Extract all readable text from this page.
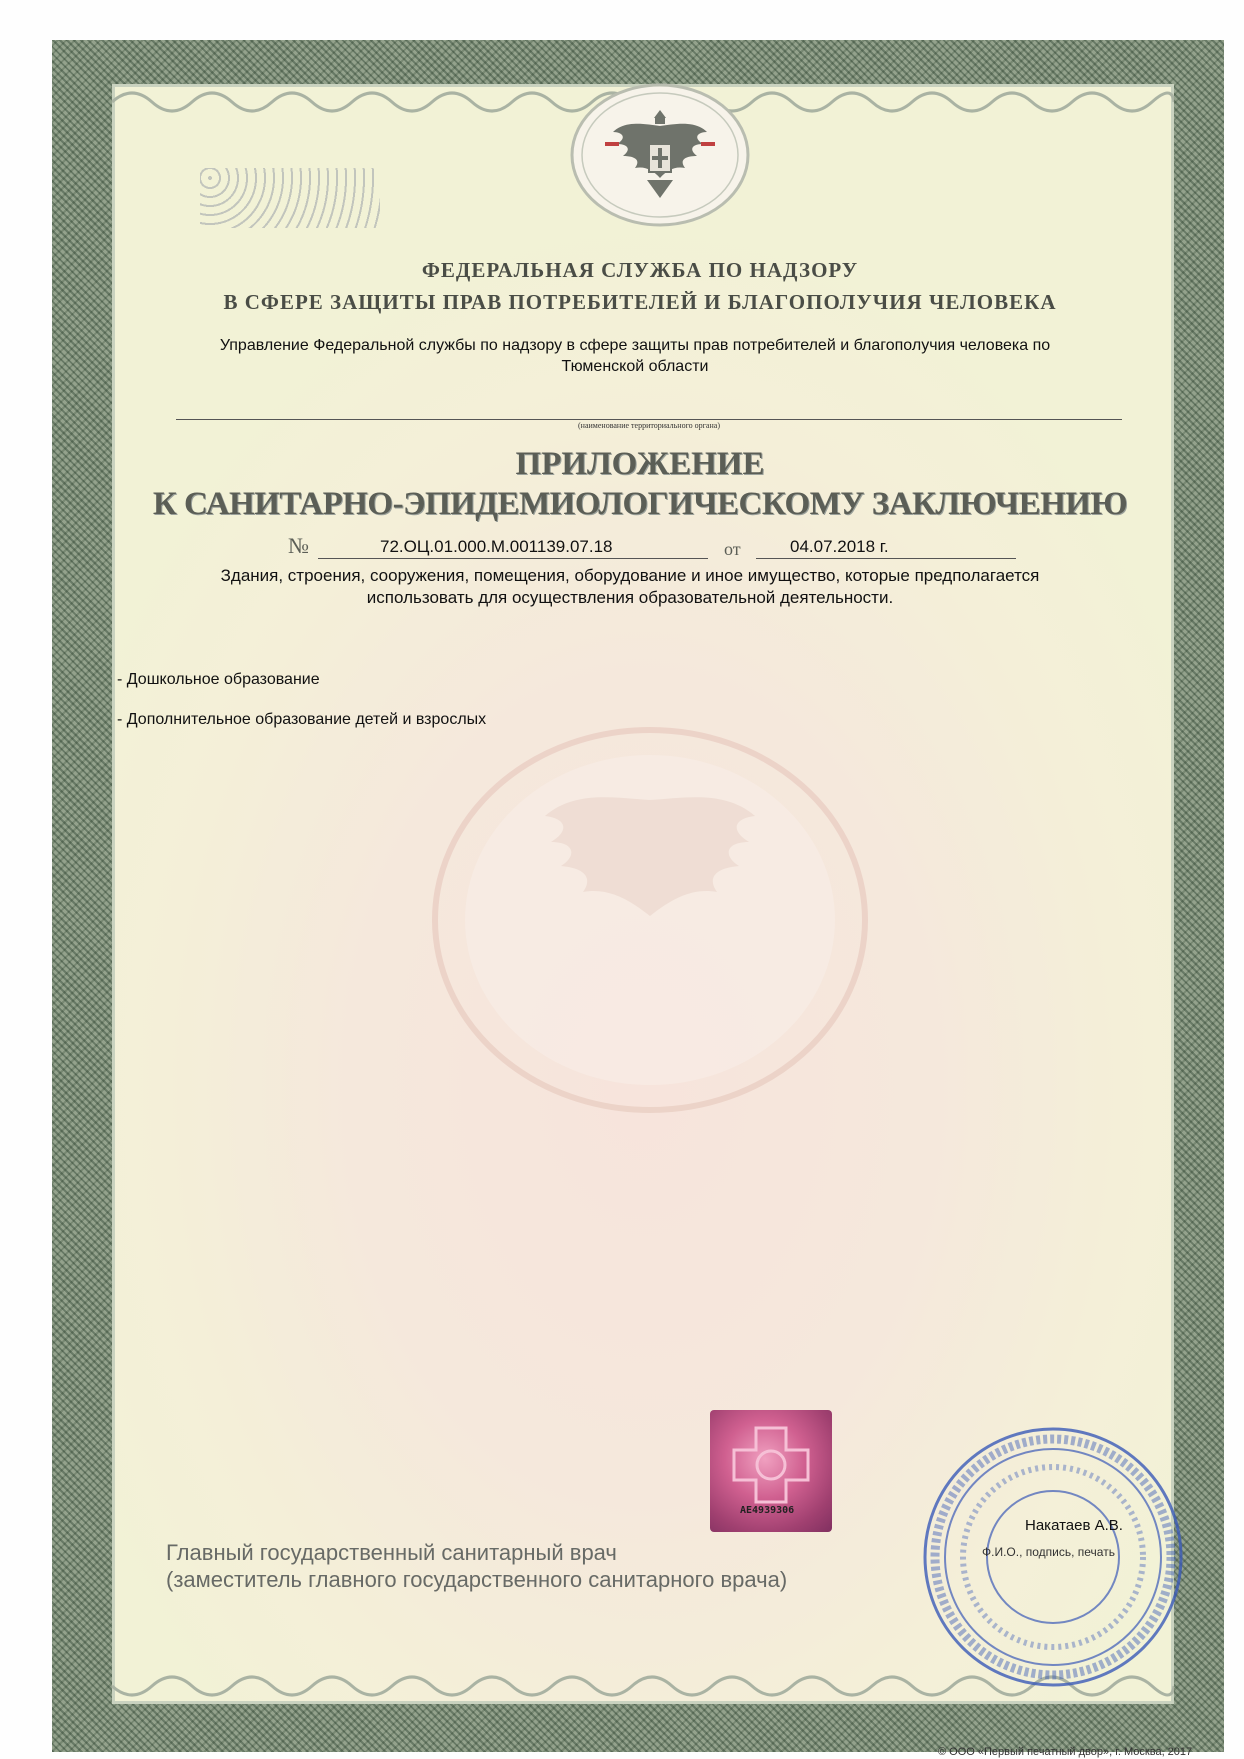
ФЕДЕРАЛЬНАЯ СЛУЖБА ПО НАДЗОРУ
В СФЕРЕ ЗАЩИТЫ ПРАВ ПОТРЕБИТЕЛЕЙ И БЛАГОПОЛУЧИЯ ЧЕЛОВЕКА
Управление Федеральной службы по надзору в сфере защиты прав потребителей и благополучия человека по
Тюменской области
(наименование территориального органа)
ПРИЛОЖЕНИЕ
К САНИТАРНО-ЭПИДЕМИОЛОГИЧЕСКОМУ ЗАКЛЮЧЕНИЮ
№	72.ОЦ.01.000.М.001139.07.18	от	04.07.2018 г.
Здания, строения, сооружения, помещения, оборудование и иное имущество, которые предполагается
использовать для осуществления образовательной деятельности.
- Дошкольное образование
- Дополнительное образование детей и взрослых
АЕ4939306
Главный государственный санитарный врач
(заместитель главного государственного санитарного врача)
Накатаев А.В.
Ф.И.О., подпись, печать
© ООО «Первый печатный двор», г. Москва, 2017
